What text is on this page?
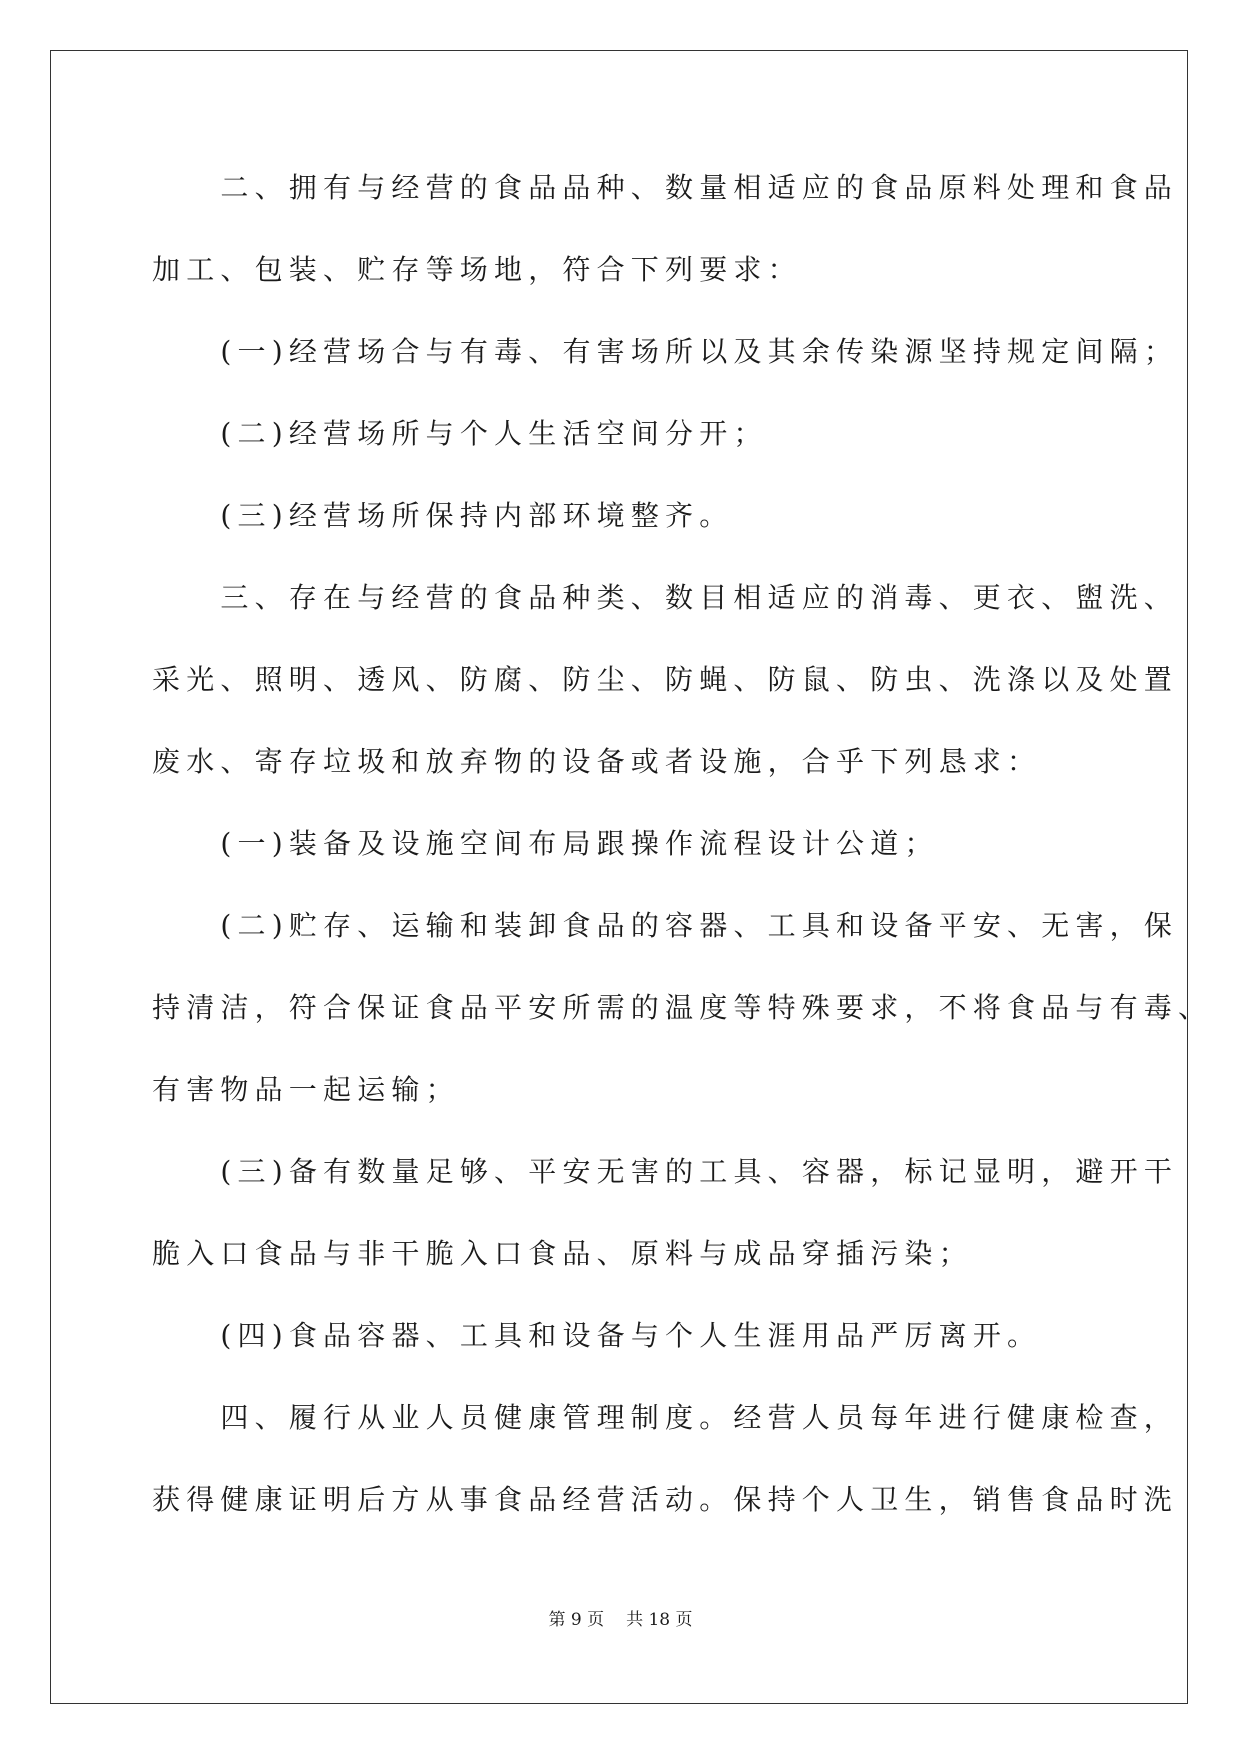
　　二、拥有与经营的食品品种、数量相适应的食品原料处理和食品
加工、包装、贮存等场地，符合下列要求：
　　(一)经营场合与有毒、有害场所以及其余传染源坚持规定间隔；
　　(二)经营场所与个人生活空间分开；
　　(三)经营场所保持内部环境整齐。
　　三、存在与经营的食品种类、数目相适应的消毒、更衣、盥洗、
采光、照明、透风、防腐、防尘、防蝇、防鼠、防虫、洗涤以及处置
废水、寄存垃圾和放弃物的设备或者设施，合乎下列恳求：
　　(一)装备及设施空间布局跟操作流程设计公道；
　　(二)贮存、运输和装卸食品的容器、工具和设备平安、无害，保
持清洁，符合保证食品平安所需的温度等特殊要求，不将食品与有毒、
有害物品一起运输；
　　(三)备有数量足够、平安无害的工具、容器，标记显明，避开干
脆入口食品与非干脆入口食品、原料与成品穿插污染；
　　(四)食品容器、工具和设备与个人生涯用品严厉离开。
　　四、履行从业人员健康管理制度。经营人员每年进行健康检查，
获得健康证明后方从事食品经营活动。保持个人卫生，销售食品时洗
第 9 页 共 18 页
